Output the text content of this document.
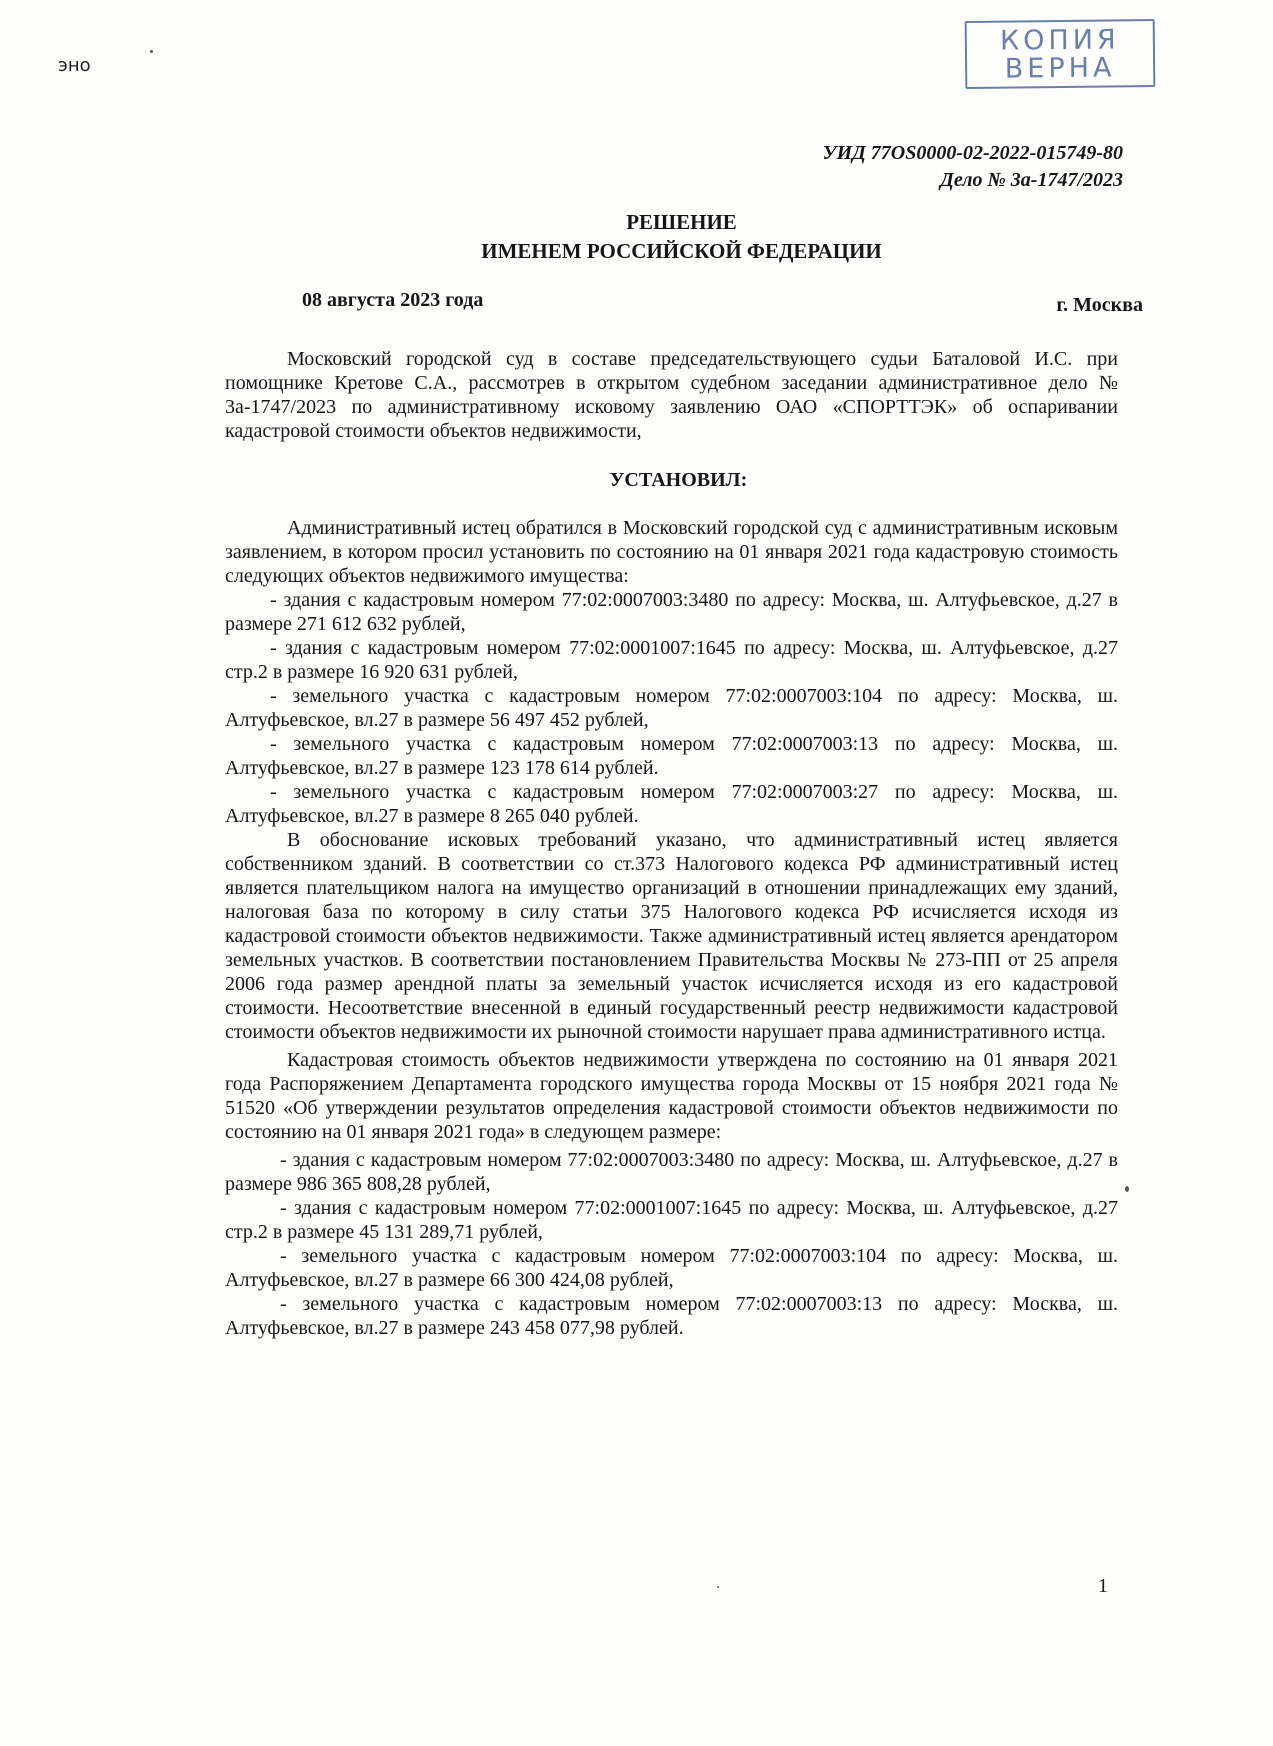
КОПИЯ
ВЕРНА
эно
УИД 77OS0000-02-2022-015749-80
Дело № 3а-1747/2023
РЕШЕНИЕ
ИМЕНЕМ РОССИЙСКОЙ ФЕДЕРАЦИИ
08 августа 2023 года	г. Москва

Московский городской суд в составе председательствующего судьи Баталовой И.С. при помощнике Кретове С.А., рассмотрев в открытом судебном заседании административное дело № 3а-1747/2023 по административному исковому заявлению ОАО «СПОРТТЭК» об оспаривании кадастровой стоимости объектов недвижимости,

УСТАНОВИЛ:

Административный истец обратился в Московский городской суд с административным исковым заявлением, в котором просил установить по состоянию на 01 января 2021 года кадастровую стоимость следующих объектов недвижимого имущества:

- здания с кадастровым номером 77:02:0007003:3480 по адресу: Москва, ш. Алтуфьевское, д.27 в размере 271 612 632 рублей,

- здания с кадастровым номером 77:02:0001007:1645 по адресу: Москва, ш. Алтуфьевское, д.27 стр.2 в размере 16 920 631 рублей,

- земельного участка с кадастровым номером 77:02:0007003:104 по адресу: Москва, ш. Алтуфьевское, вл.27 в размере 56 497 452 рублей,

- земельного участка с кадастровым номером 77:02:0007003:13 по адресу: Москва, ш. Алтуфьевское, вл.27 в размере 123 178 614 рублей.

- земельного участка с кадастровым номером 77:02:0007003:27 по адресу: Москва, ш. Алтуфьевское, вл.27 в размере 8 265 040 рублей.

В обоснование исковых требований указано, что административный истец является собственником зданий. В соответствии со ст.373 Налогового кодекса РФ административный истец является плательщиком налога на имущество организаций в отношении принадлежащих ему зданий, налоговая база по которому в силу статьи 375 Налогового кодекса РФ исчисляется исходя из кадастровой стоимости объектов недвижимости. Также административный истец является арендатором земельных участков. В соответствии постановлением Правительства Москвы № 273-ПП от 25 апреля 2006 года размер арендной платы за земельный участок исчисляется исходя из его кадастровой стоимости. Несоответствие внесенной в единый государственный реестр недвижимости кадастровой стоимости объектов недвижимости их рыночной стоимости нарушает права административного истца.

Кадастровая стоимость объектов недвижимости утверждена по состоянию на 01 января 2021 года Распоряжением Департамента городского имущества города Москвы от 15 ноября 2021 года № 51520 «Об утверждении результатов определения кадастровой стоимости объектов недвижимости по состоянию на 01 января 2021 года» в следующем размере:

- здания с кадастровым номером 77:02:0007003:3480 по адресу: Москва, ш. Алтуфьевское, д.27 в размере 986 365 808,28 рублей,

- здания с кадастровым номером 77:02:0001007:1645 по адресу: Москва, ш. Алтуфьевское, д.27 стр.2 в размере 45 131 289,71 рублей,

- земельного участка с кадастровым номером 77:02:0007003:104 по адресу: Москва, ш. Алтуфьевское, вл.27 в размере 66 300 424,08 рублей,

- земельного участка с кадастровым номером 77:02:0007003:13 по адресу: Москва, ш. Алтуфьевское, вл.27 в размере 243 458 077,98 рублей.

1
